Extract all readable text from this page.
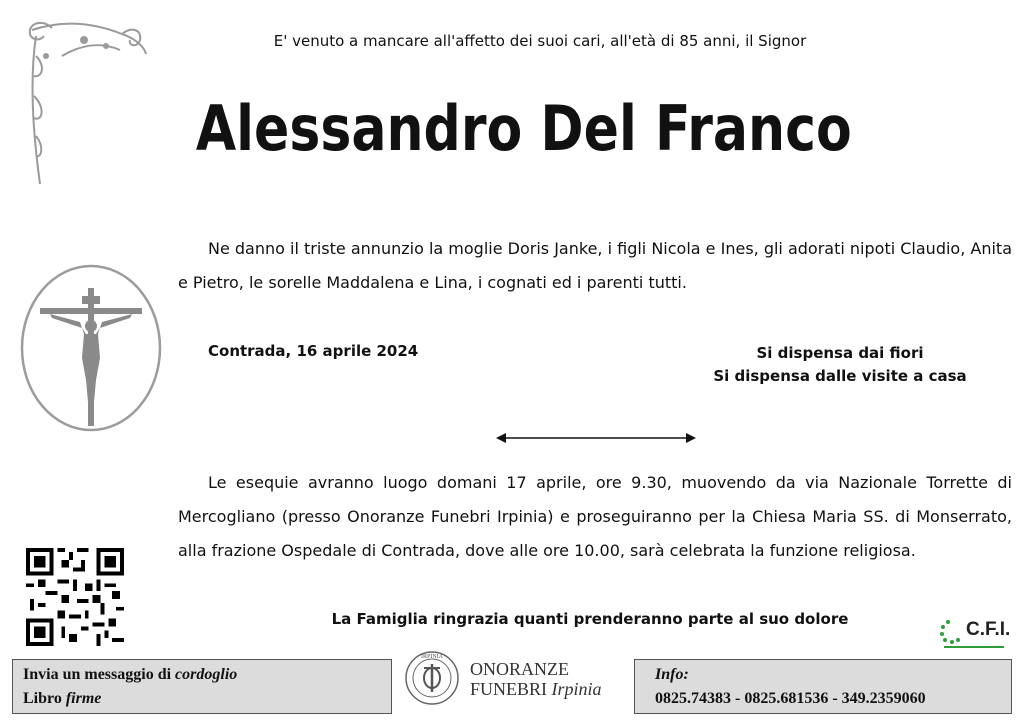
E' venuto a mancare all'affetto dei suoi cari, all'età di 85 anni, il Signor
Alessandro Del Franco
Ne danno il triste annunzio la moglie Doris Janke, i figli Nicola e Ines, gli adorati nipoti Claudio, Anita e Pietro, le sorelle Maddalena e Lina, i cognati ed i parenti tutti.
Contrada, 16 aprile 2024	Si dispensa dai fiori
Si dispensa dalle visite a casa
Le esequie avranno luogo domani 17 aprile, ore 9.30, muovendo da via Nazionale Torrette di Mercogliano (presso Onoranze Funebri Irpinia) e proseguiranno per la Chiesa Maria SS. di Monserrato, alla frazione Ospedale di Contrada, dove alle ore 10.00, sarà celebrata la funzione religiosa.
La Famiglia ringrazia quanti prenderanno parte al suo dolore	C.F.I.
Invia un messaggio di cordoglio
Libro firme
IRPINIA
ONORANZE
FUNEBRI Irpinia
Info:
0825.74383 - 0825.681536 - 349.2359060
